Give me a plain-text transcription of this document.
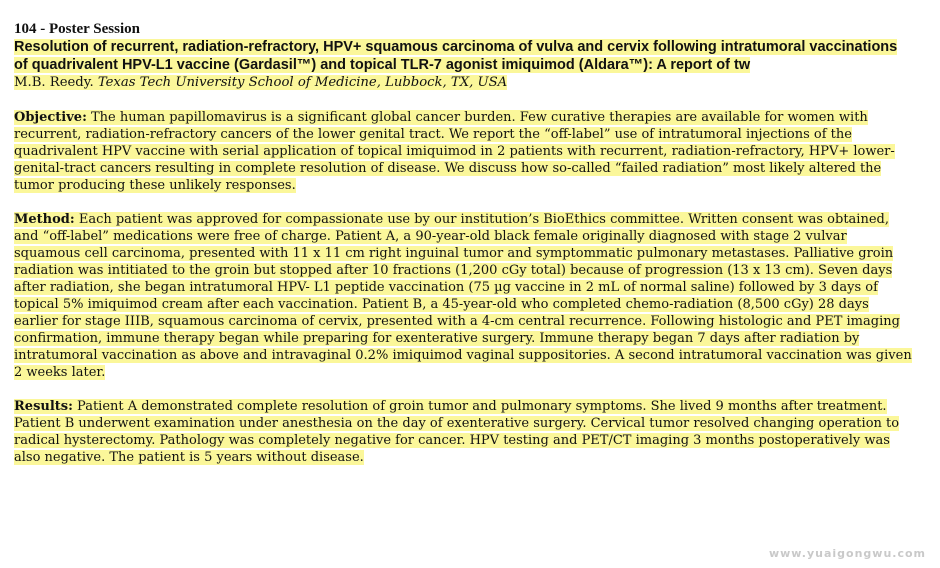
104 - Poster Session

Resolution of recurrent, radiation-refractory, HPV+ squamous carcinoma of vulva and cervix following intratumoral vaccinations of quadrivalent HPV-L1 vaccine (Gardasil™) and topical TLR-7 agonist imiquimod (Aldara™): A report of tw

M.B. Reedy. Texas Tech University School of Medicine, Lubbock, TX, USA

Objective: The human papillomavirus is a significant global cancer burden. Few curative therapies are available for women with recurrent, radiation-refractory cancers of the lower genital tract. We report the “off-label” use of intratumoral injections of the quadrivalent HPV vaccine with serial application of topical imiquimod in 2 patients with recurrent, radiation-refractory, HPV+ lower-genital-tract cancers resulting in complete resolution of disease. We discuss how so-called “failed radiation” most likely altered the tumor producing these unlikely responses.

Method: Each patient was approved for compassionate use by our institution’s BioEthics committee. Written consent was obtained, and “off-label” medications were free of charge. Patient A, a 90-year-old black female originally diagnosed with stage 2 vulvar squamous cell carcinoma, presented with 11 x 11 cm right inguinal tumor and symptommatic pulmonary metastases. Palliative groin radiation was intitiated to the groin but stopped after 10 fractions (1,200 cGy total) because of progression (13 x 13 cm). Seven days after radiation, she began intratumoral HPV- L1 peptide vaccination (75 µg vaccine in 2 mL of normal saline) followed by 3 days of topical 5% imiquimod cream after each vaccination. Patient B, a 45-year-old who completed chemo-radiation (8,500 cGy) 28 days earlier for stage IIIB, squamous carcinoma of cervix, presented with a 4-cm central recurrence. Following histologic and PET imaging confirmation, immune therapy began while preparing for exenterative surgery. Immune therapy began 7 days after radiation by intratumoral vaccination as above and intravaginal 0.2% imiquimod vaginal suppositories. A second intratumoral vaccination was given 2 weeks later.

Results: Patient A demonstrated complete resolution of groin tumor and pulmonary symptoms. She lived 9 months after treatment. Patient B underwent examination under anesthesia on the day of exenterative surgery. Cervical tumor resolved changing operation to radical hysterectomy. Pathology was completely negative for cancer. HPV testing and PET/CT imaging 3 months postoperatively was also negative. The patient is 5 years without disease.

www.yuaigongwu.com
